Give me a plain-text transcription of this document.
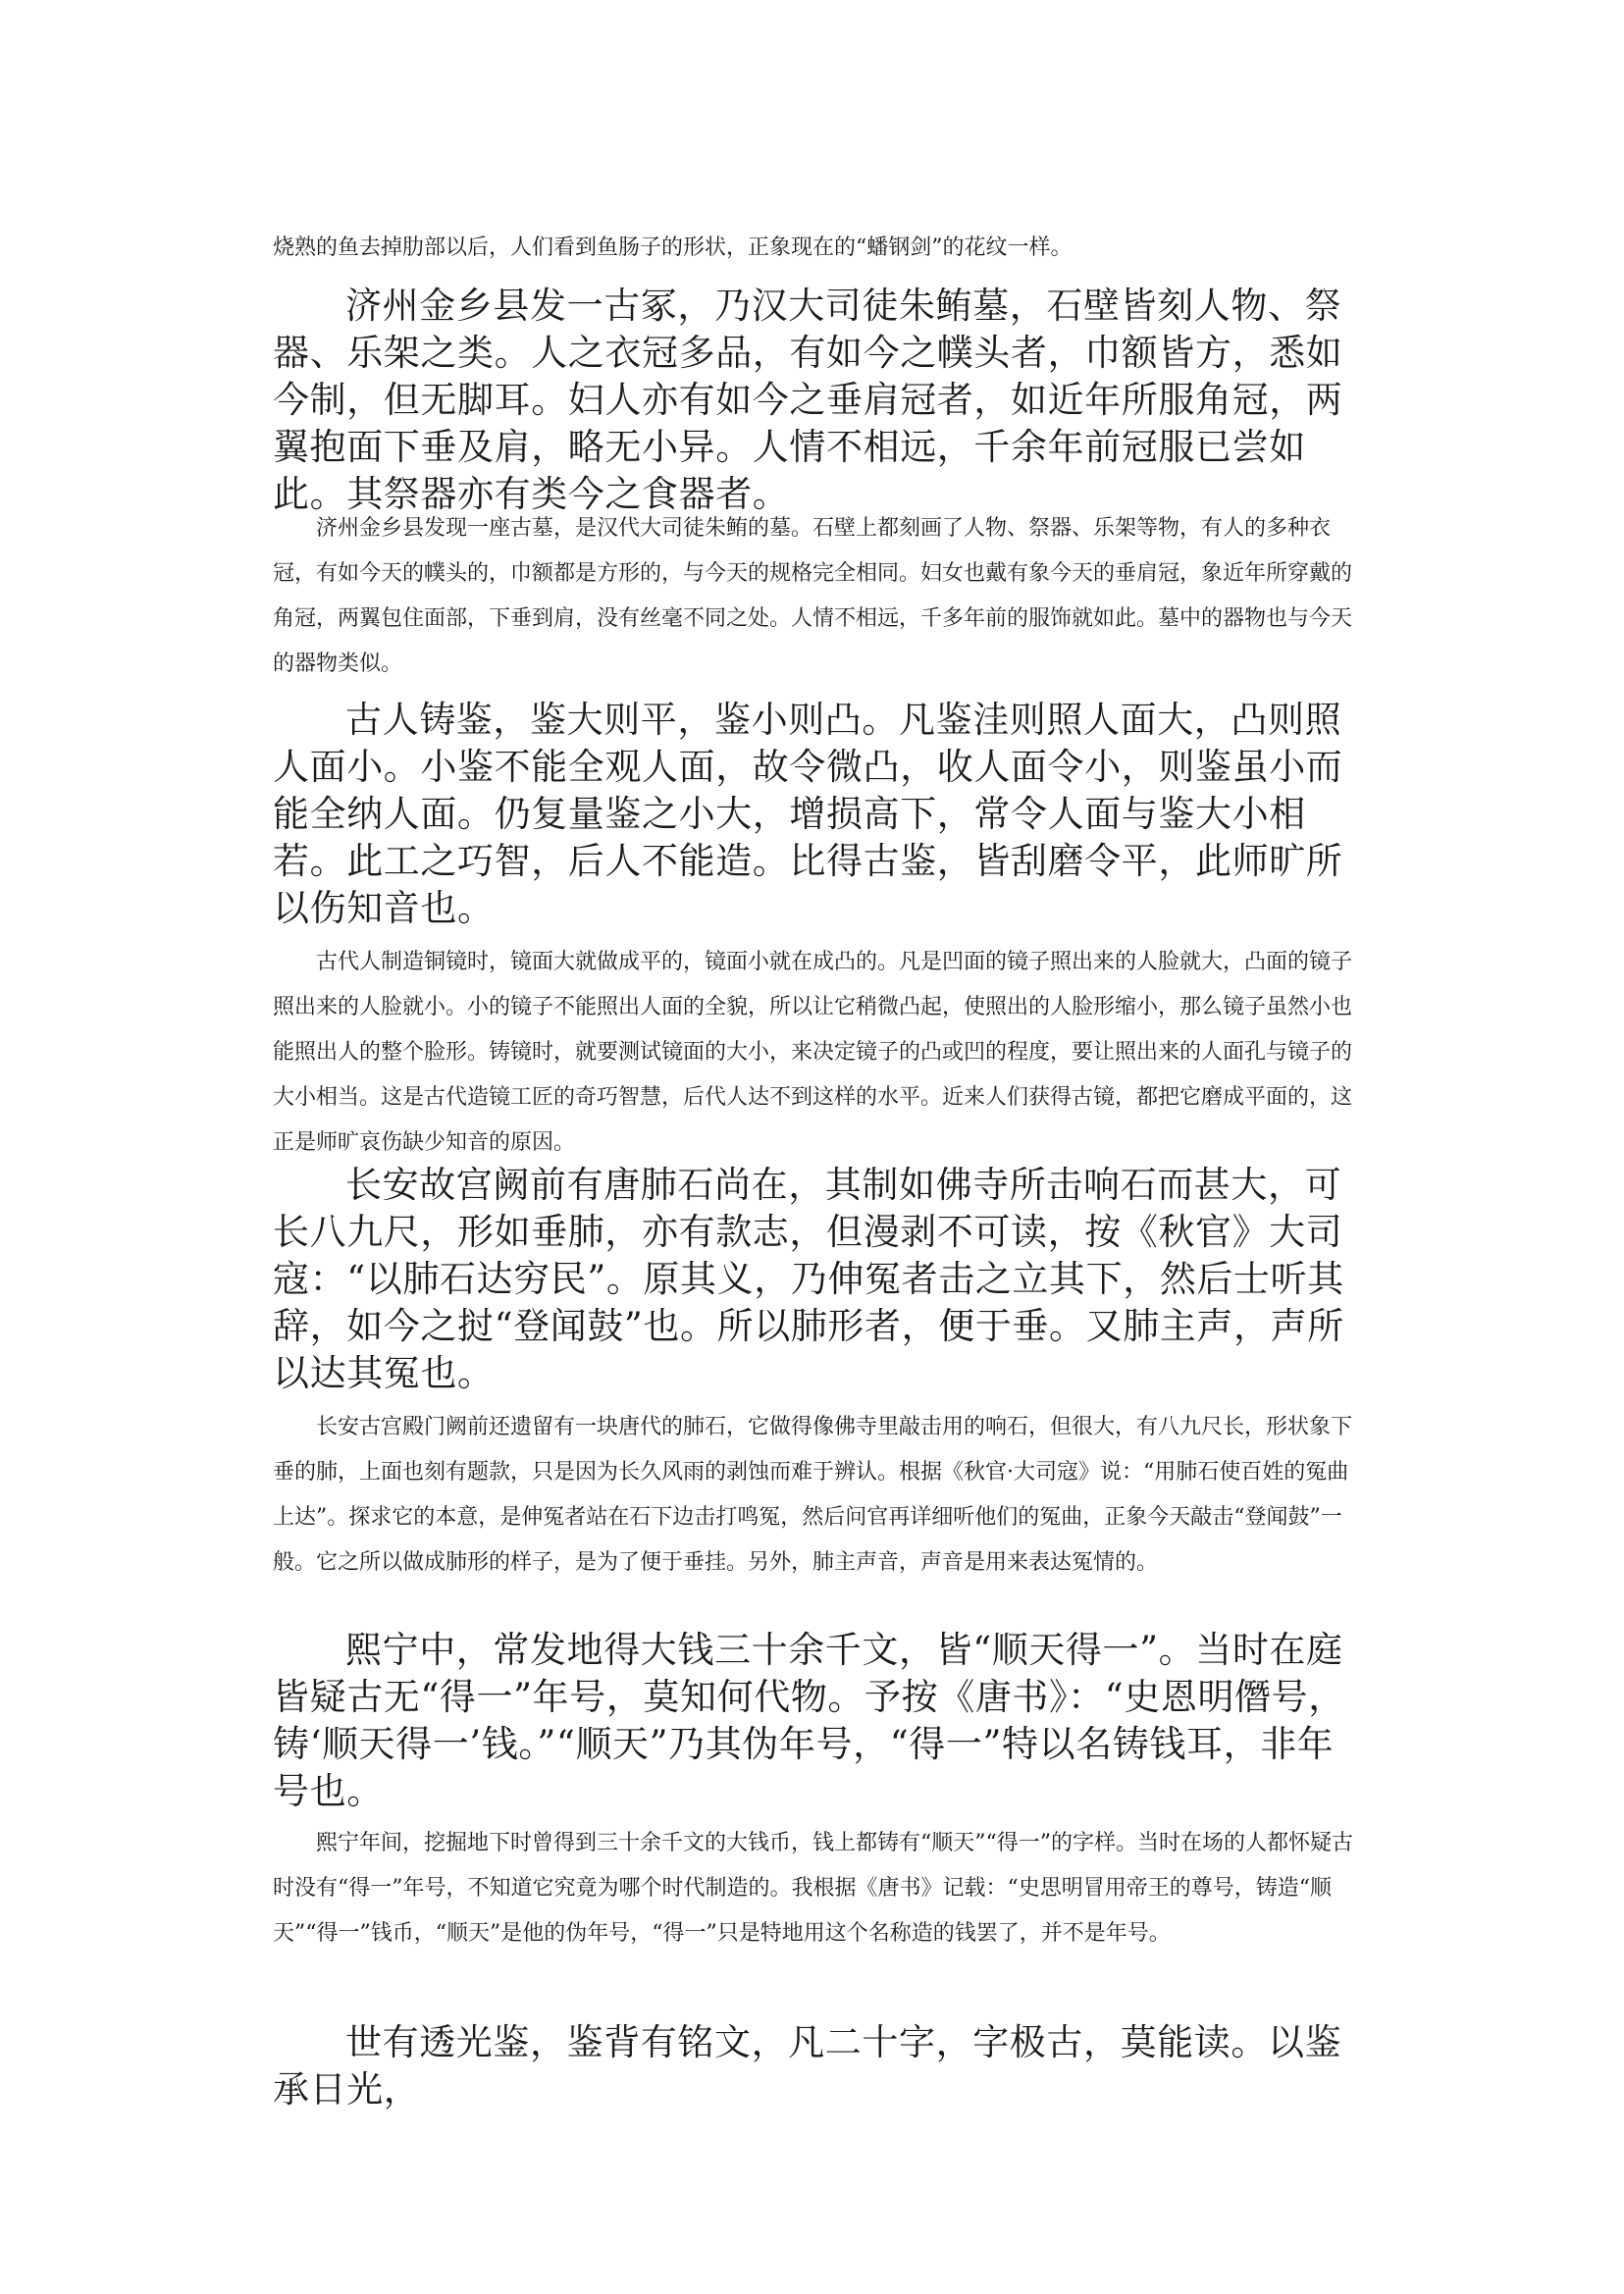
烧熟的鱼去掉肋部以后，人们看到鱼肠子的形状，正象现在的“蟠钢剑”的花纹一样。

济州金乡县发一古冢，乃汉大司徒朱鲔墓，石壁皆刻人物、祭器、乐架之类。人之衣冠多品，有如今之幞头者，巾额皆方，悉如今制，但无脚耳。妇人亦有如今之垂肩冠者，如近年所服角冠，两翼抱面下垂及肩，略无小异。人情不相远，千余年前冠服已尝如此。其祭器亦有类今之食器者。

济州金乡县发现一座古墓，是汉代大司徒朱鲔的墓。石壁上都刻画了人物、祭器、乐架等物，有人的多种衣冠，有如今天的幞头的，巾额都是方形的，与今天的规格完全相同。妇女也戴有象今天的垂肩冠，象近年所穿戴的角冠，两翼包住面部，下垂到肩，没有丝毫不同之处。人情不相远，千多年前的服饰就如此。墓中的器物也与今天的器物类似。

古人铸鉴，鉴大则平，鉴小则凸。凡鉴洼则照人面大，凸则照人面小。小鉴不能全观人面，故令微凸，收人面令小，则鉴虽小而能全纳人面。仍复量鉴之小大，增损高下，常令人面与鉴大小相若。此工之巧智，后人不能造。比得古鉴，皆刮磨令平，此师旷所以伤知音也。

古代人制造铜镜时，镜面大就做成平的，镜面小就在成凸的。凡是凹面的镜子照出来的人脸就大，凸面的镜子照出来的人脸就小。小的镜子不能照出人面的全貌，所以让它稍微凸起，使照出的人脸形缩小，那么镜子虽然小也能照出人的整个脸形。铸镜时，就要测试镜面的大小，来决定镜子的凸或凹的程度，要让照出来的人面孔与镜子的大小相当。这是古代造镜工匠的奇巧智慧，后代人达不到这样的水平。近来人们获得古镜，都把它磨成平面的，这正是师旷哀伤缺少知音的原因。

长安故宫阙前有唐肺石尚在，其制如佛寺所击响石而甚大，可长八九尺，形如垂肺，亦有款志，但漫剥不可读，按《秋官》大司寇：“以肺石达穷民”。原其义，乃伸冤者击之立其下，然后士听其辞，如今之挝“登闻鼓”也。所以肺形者，便于垂。又肺主声，声所以达其冤也。

长安古宫殿门阙前还遗留有一块唐代的肺石，它做得像佛寺里敲击用的响石，但很大，有八九尺长，形状象下垂的肺，上面也刻有题款，只是因为长久风雨的剥蚀而难于辨认。根据《秋官·大司寇》说：“用肺石使百姓的冤曲上达”。探求它的本意，是伸冤者站在石下边击打鸣冤，然后问官再详细听他们的冤曲，正象今天敲击“登闻鼓”一般。它之所以做成肺形的样子，是为了便于垂挂。另外，肺主声音，声音是用来表达冤情的。

熙宁中，常发地得大钱三十余千文，皆“顺天得一”。当时在庭皆疑古无“得一”年号，莫知何代物。予按《唐书》：“史恩明僭号，铸‘顺天得一’钱。”“顺天”乃其伪年号，“得一”特以名铸钱耳，非年号也。

熙宁年间，挖掘地下时曾得到三十余千文的大钱币，钱上都铸有“顺天”“得一”的字样。当时在场的人都怀疑古时没有“得一”年号，不知道它究竟为哪个时代制造的。我根据《唐书》记载：“史思明冒用帝王的尊号，铸造“顺天”“得一”钱币，“顺天”是他的伪年号，“得一”只是特地用这个名称造的钱罢了，并不是年号。

世有透光鉴，鉴背有铭文，凡二十字，字极古，莫能读。以鉴承日光，
